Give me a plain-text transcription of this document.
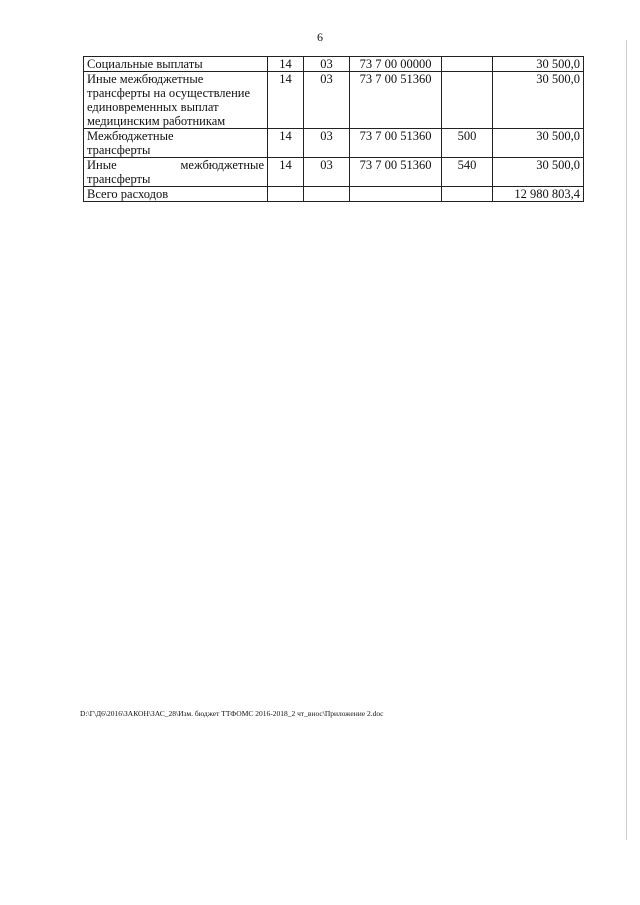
6
Социальные выплаты	14	03	73 7 00 00000		30 500,0
Иные межбюджетные трансферты на осуществление единовременных выплат медицинским работникам	14	03	73 7 00 51360		30 500,0
Межбюджетные трансферты	14	03	73 7 00 51360	500	30 500,0
Иные межбюджетные трансферты	14	03	73 7 00 51360	540	30 500,0
Всего расходов					12 980 803,4
D:\Г\Д6\2016\ЗАКОН\ЗАС_28\Изм. бюджет ТТФОМС 2016-2018_2 чт_внос\Приложение 2.doc
